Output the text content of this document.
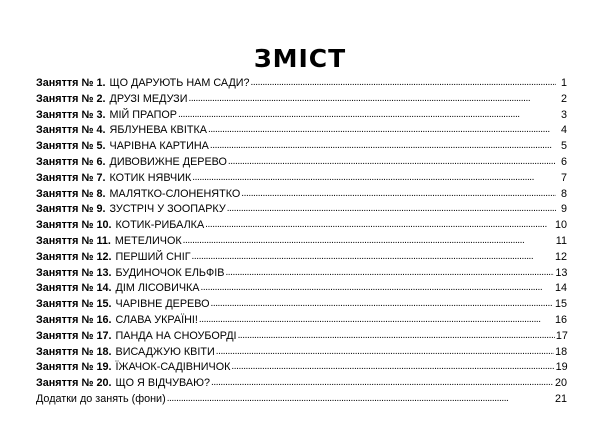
ЗМІСТ
Заняття № 1. ЩО ДАРУЮТЬ НАМ САДИ? . . .	1
Заняття № 2. ДРУЗІ МЕДУЗИ . . .	2
Заняття № 3. МІЙ ПРАПОР . . .	3
Заняття № 4. ЯБЛУНЕВА КВІТКА . . .	4
Заняття № 5. ЧАРІВНА КАРТИНА . . .	5
Заняття № 6. ДИВОВИЖНЕ ДЕРЕВО . . .	6
Заняття № 7. КОТИК НЯВЧИК . . .	7
Заняття № 8. МАЛЯТКО-СЛОНЕНЯТКО . . .	8
Заняття № 9. ЗУСТРІЧ У ЗООПАРКУ . . .	9
Заняття № 10. КОТИК-РИБАЛКА . . .	10
Заняття № 11. МЕТЕЛИЧОК . . .	11
Заняття № 12. ПЕРШИЙ СНІГ . . .	12
Заняття № 13. БУДИНОЧОК ЕЛЬФІВ . . .	13
Заняття № 14. ДІМ ЛІСОВИЧКА . . .	14
Заняття № 15. ЧАРІВНЕ ДЕРЕВО . . .	15
Заняття № 16. СЛАВА УКРАЇНІ! . . .	16
Заняття № 17. ПАНДА НА СНОУБОРДІ . . .	17
Заняття № 18. ВИСАДЖУЮ КВІТИ . . .	18
Заняття № 19. ЇЖАЧОК-САДІВНИЧОК . . .	19
Заняття № 20. ЩО Я ВІДЧУВАЮ? . . .	20
Додатки до занять (фони) . . .	21
